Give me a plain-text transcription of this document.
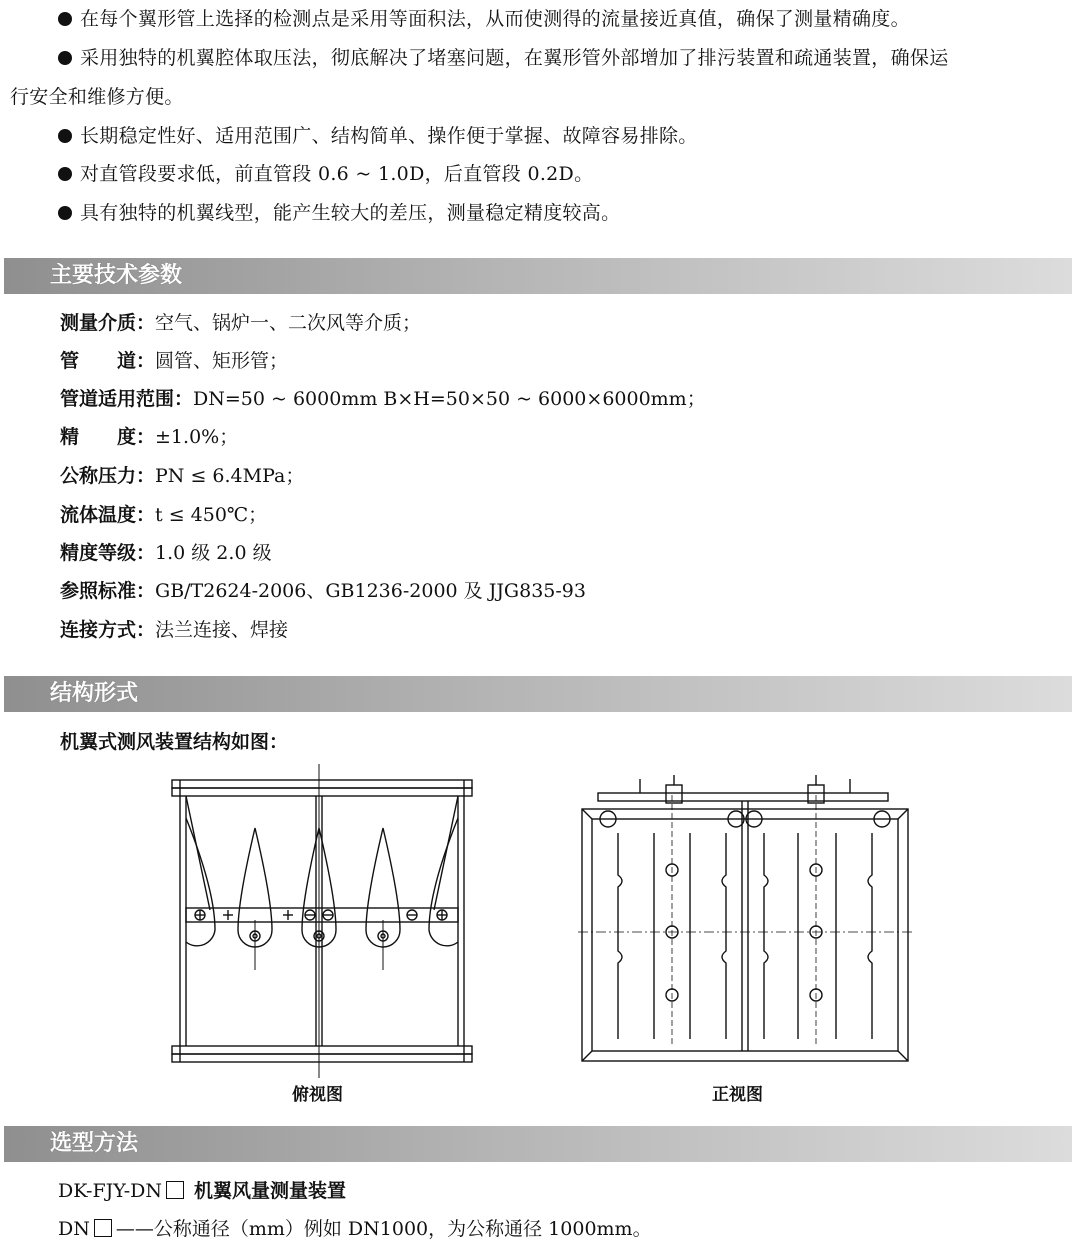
在每个翼形管上选择的检测点是采用等面积法，从而使测得的流量接近真值，确保了测量精确度。
采用独特的机翼腔体取压法，彻底解决了堵塞问题，在翼形管外部增加了排污装置和疏通装置，确保运
行安全和维修方便。
长期稳定性好、适用范围广、结构简单、操作便于掌握、故障容易排除。
对直管段要求低，前直管段 0.6 ~ 1.0D，后直管段 0.2D。
具有独特的机翼线型，能产生较大的差压，测量稳定精度较高。
主要技术参数
测量介质：空气、锅炉一、二次风等介质；
管　　道：圆管、矩形管；
管道适用范围：DN=50 ~ 6000mm B×H=50×50 ~ 6000×6000mm；
精　　度：±1.0%；
公称压力：PN ≤ 6.4MPa；
流体温度：t ≤ 450℃；
精度等级：1.0 级 2.0 级
参照标准：GB/T2624-2006、GB1236-2000 及 JJG835-93
连接方式：法兰连接、焊接
结构形式
机翼式测风装置结构如图：
俯视图	正视图
选型方法
DK-FJY-DN 机翼风量测量装置
DN ——公称通径（mm）例如 DN1000，为公称通径 1000mm。
